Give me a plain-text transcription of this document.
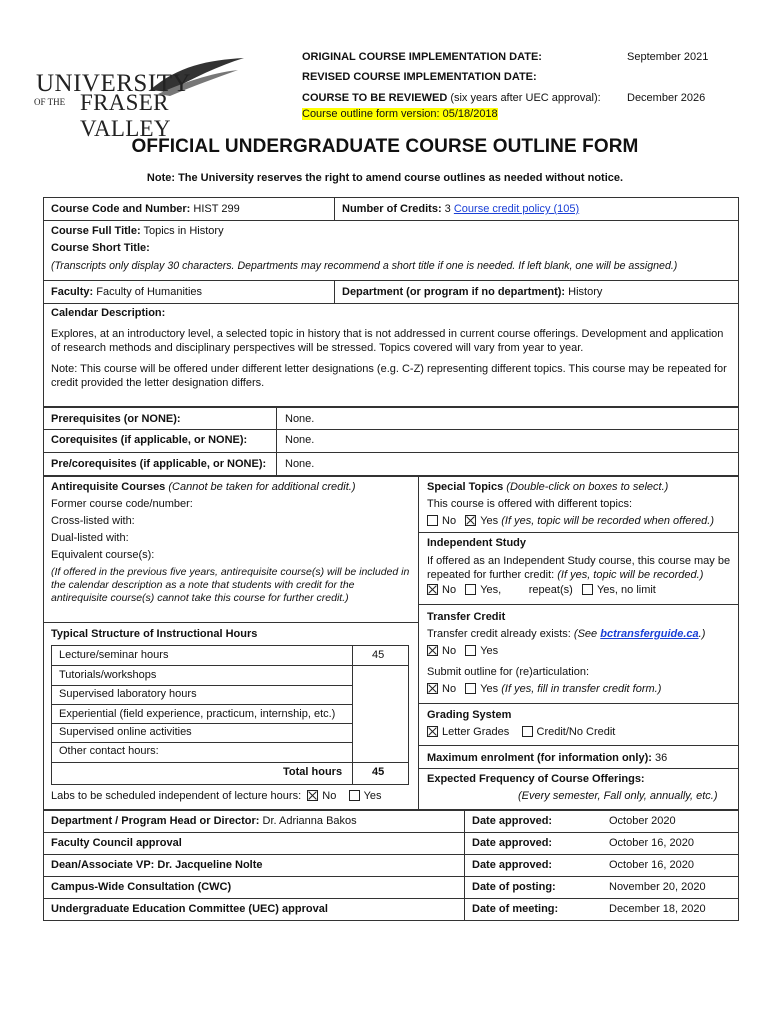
UNIVERSITY
OF THE FRASER VALLEY
ORIGINAL COURSE IMPLEMENTATION DATE:	September 2021
REVISED COURSE IMPLEMENTATION DATE:
COURSE TO BE REVIEWED (six years after UEC approval): December 2026
Course outline form version: 05/18/2018
OFFICIAL UNDERGRADUATE COURSE OUTLINE FORM
Note: The University reserves the right to amend course outlines as needed without notice.
Course Code and Number: HIST 299	Number of Credits: 3 Course credit policy (105)
Course Full Title: Topics in History
Course Short Title:
(Transcripts only display 30 characters. Departments may recommend a short title if one is needed. If left blank, one will be assigned.)
Faculty: Faculty of Humanities	Department (or program if no department): History
Calendar Description:
Explores, at an introductory level, a selected topic in history that is not addressed in current course offerings. Development and application of research methods and disciplinary perspectives will be stressed. Topics covered will vary from year to year.
Note: This course will be offered under different letter designations (e.g. C-Z) representing different topics. This course may be repeated for credit provided the letter designation differs.
Prerequisites (or NONE):	None.
Corequisites (if applicable, or NONE):	None.
Pre/corequisites (if applicable, or NONE): None.
Antirequisite Courses (Cannot be taken for additional credit.)
Former course code/number:
Cross-listed with:
Dual-listed with:
Equivalent course(s):
(If offered in the previous five years, antirequisite course(s) will be included in the calendar description as a note that students with credit for the antirequisite course(s) cannot take this course for further credit.)
Typical Structure of Instructional Hours
Lecture/seminar hours	45
Tutorials/workshops
Supervised laboratory hours
Experiential (field experience, practicum, internship, etc.)
Supervised online activities
Other contact hours:
Total hours	45
Labs to be scheduled independent of lecture hours: No Yes
Special Topics (Double-click on boxes to select.)
This course is offered with different topics:
No Yes (If yes, topic will be recorded when offered.)
Independent Study
If offered as an Independent Study course, this course may be repeated for further credit: (If yes, topic will be recorded.)
No Yes,	repeat(s) Yes, no limit
Transfer Credit
Transfer credit already exists: (See bctransferguide.ca.)
No Yes
Submit outline for (re)articulation:
No Yes (If yes, fill in transfer credit form.)
Grading System
Letter Grades Credit/No Credit
Maximum enrolment (for information only): 36
Expected Frequency of Course Offerings:
(Every semester, Fall only, annually, etc.)
Department / Program Head or Director: Dr. Adrianna Bakos	Date approved:	October 2020
Faculty Council approval	Date approved:	October 16, 2020
Dean/Associate VP: Dr. Jacqueline Nolte	Date approved:	October 16, 2020
Campus-Wide Consultation (CWC)	Date of posting:	November 20, 2020
Undergraduate Education Committee (UEC) approval	Date of meeting:	December 18, 2020
